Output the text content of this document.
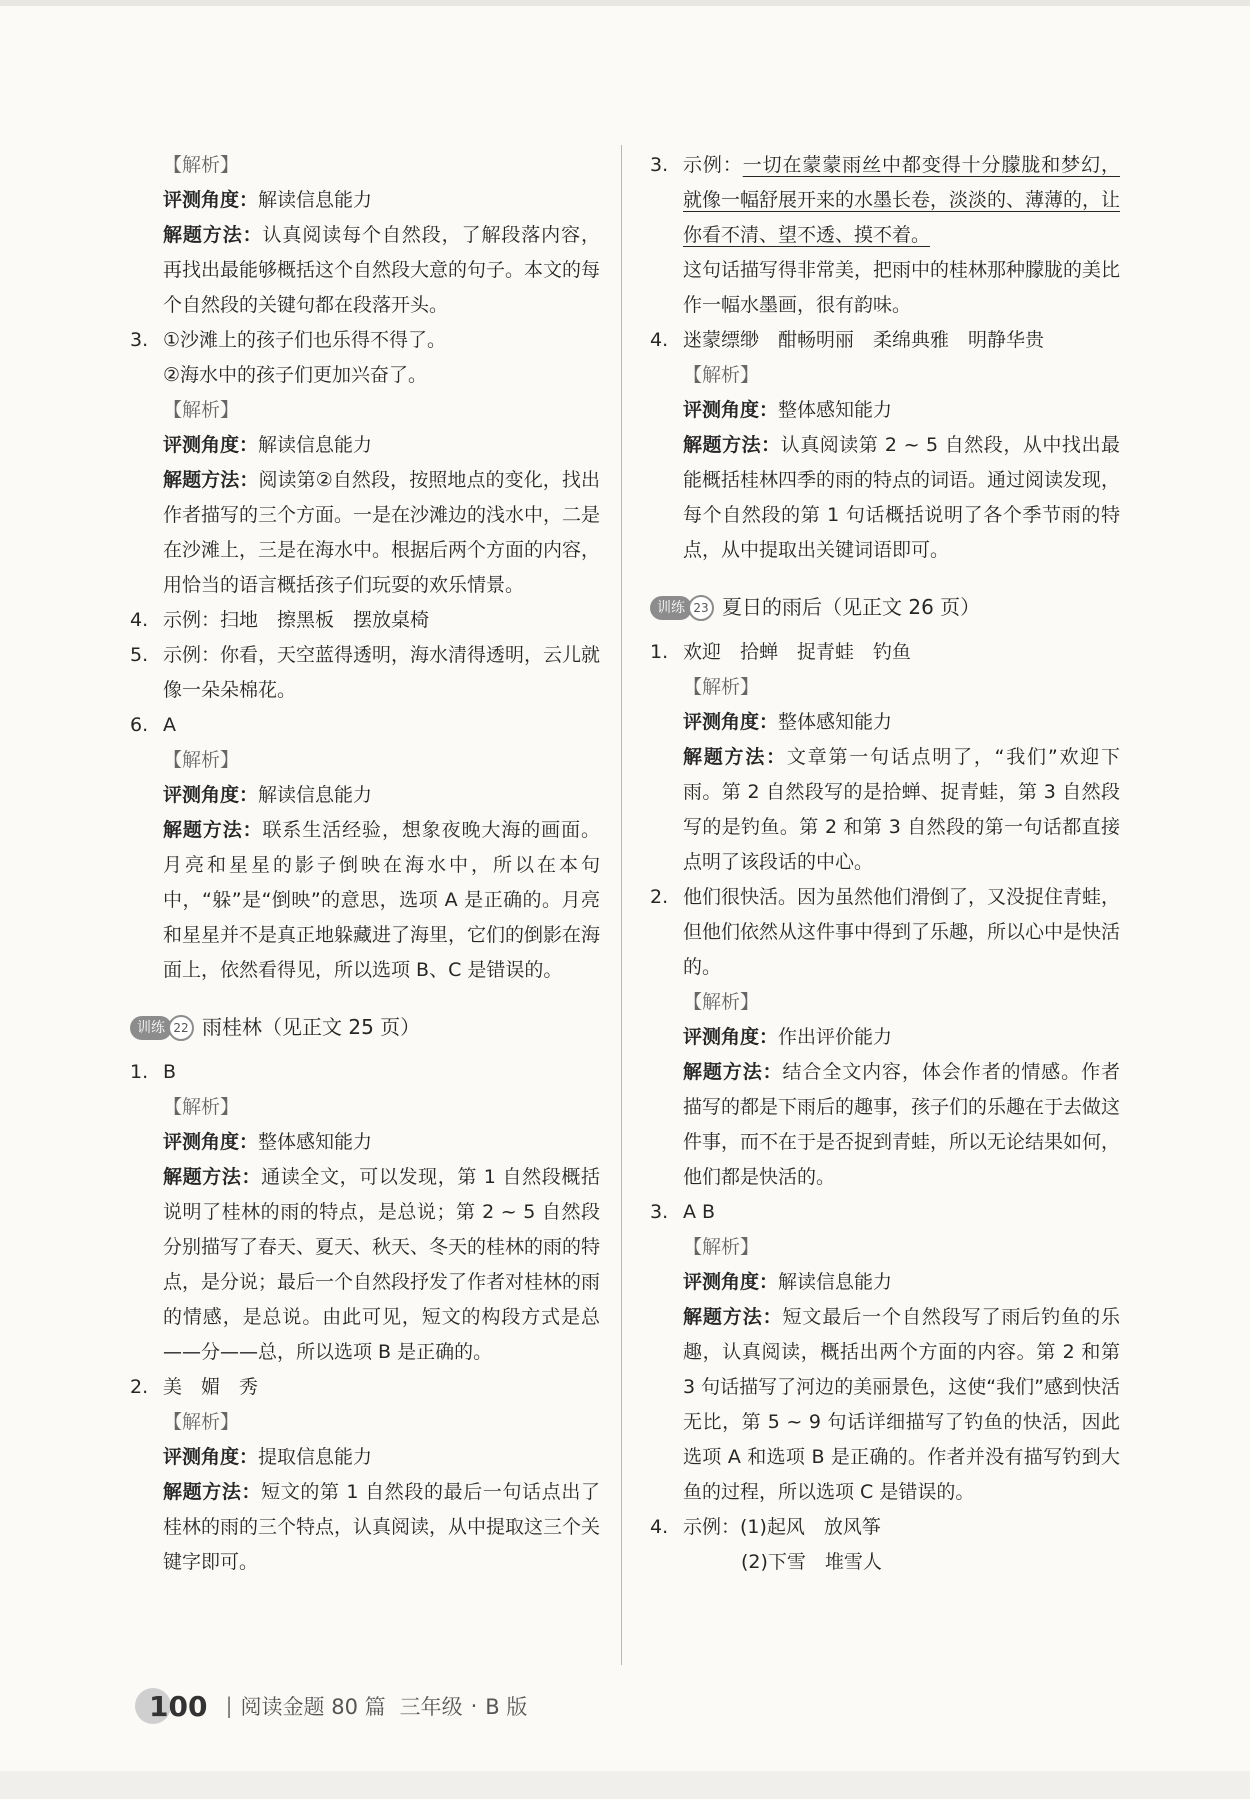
【解析】
评测角度：解读信息能力
解题方法：认真阅读每个自然段，了解段落内容，再找出最能够概括这个自然段大意的句子。本文的每个自然段的关键句都在段落开头。
3. ①沙滩上的孩子们也乐得不得了。
②海水中的孩子们更加兴奋了。
【解析】
评测角度：解读信息能力
解题方法：阅读第②自然段，按照地点的变化，找出作者描写的三个方面。一是在沙滩边的浅水中，二是在沙滩上，三是在海水中。根据后两个方面的内容，用恰当的语言概括孩子们玩耍的欢乐情景。
4. 示例：扫地　擦黑板　摆放桌椅
5. 示例：你看，天空蓝得透明，海水清得透明，云儿就像一朵朵棉花。
6. A
【解析】
评测角度：解读信息能力
解题方法：联系生活经验，想象夜晚大海的画面。月亮和星星的影子倒映在海水中，所以在本句中，“躲”是“倒映”的意思，选项 A 是正确的。月亮和星星并不是真正地躲藏进了海里，它们的倒影在海面上，依然看得见，所以选项 B、C 是错误的。
训练 22 雨桂林（见正文 25 页）
1. B
【解析】
评测角度：整体感知能力
解题方法：通读全文，可以发现，第 1 自然段概括说明了桂林的雨的特点，是总说；第 2 ~ 5 自然段分别描写了春天、夏天、秋天、冬天的桂林的雨的特点，是分说；最后一个自然段抒发了作者对桂林的雨的情感，是总说。由此可见，短文的构段方式是总——分——总，所以选项 B 是正确的。
2. 美　媚　秀
【解析】
评测角度：提取信息能力
解题方法：短文的第 1 自然段的最后一句话点出了桂林的雨的三个特点，认真阅读，从中提取这三个关键字即可。
3. 示例：一切在蒙蒙雨丝中都变得十分朦胧和梦幻，就像一幅舒展开来的水墨长卷，淡淡的、薄薄的，让你看不清、望不透、摸不着。
这句话描写得非常美，把雨中的桂林那种朦胧的美比作一幅水墨画，很有韵味。
4. 迷蒙缥缈　酣畅明丽　柔绵典雅　明静华贵
【解析】
评测角度：整体感知能力
解题方法：认真阅读第 2 ~ 5 自然段，从中找出最能概括桂林四季的雨的特点的词语。通过阅读发现，每个自然段的第 1 句话概括说明了各个季节雨的特点，从中提取出关键词语即可。
训练 23 夏日的雨后（见正文 26 页）
1. 欢迎　拾蝉　捉青蛙　钓鱼
【解析】
评测角度：整体感知能力
解题方法：文章第一句话点明了，“我们”欢迎下雨。第 2 自然段写的是拾蝉、捉青蛙，第 3 自然段写的是钓鱼。第 2 和第 3 自然段的第一句话都直接点明了该段话的中心。
2. 他们很快活。因为虽然他们滑倒了，又没捉住青蛙，但他们依然从这件事中得到了乐趣，所以心中是快活的。
【解析】
评测角度：作出评价能力
解题方法：结合全文内容，体会作者的情感。作者描写的都是下雨后的趣事，孩子们的乐趣在于去做这件事，而不在于是否捉到青蛙，所以无论结果如何，他们都是快活的。
3. A B
【解析】
评测角度：解读信息能力
解题方法：短文最后一个自然段写了雨后钓鱼的乐趣，认真阅读，概括出两个方面的内容。第 2 和第 3 句话描写了河边的美丽景色，这使“我们”感到快活无比，第 5 ~ 9 句话详细描写了钓鱼的快活，因此选项 A 和选项 B 是正确的。作者并没有描写钓到大鱼的过程，所以选项 C 是错误的。
4. 示例：(1)起风　放风筝
(2)下雪　堆雪人
100 | 阅读金题 80 篇 三年级 · B 版
